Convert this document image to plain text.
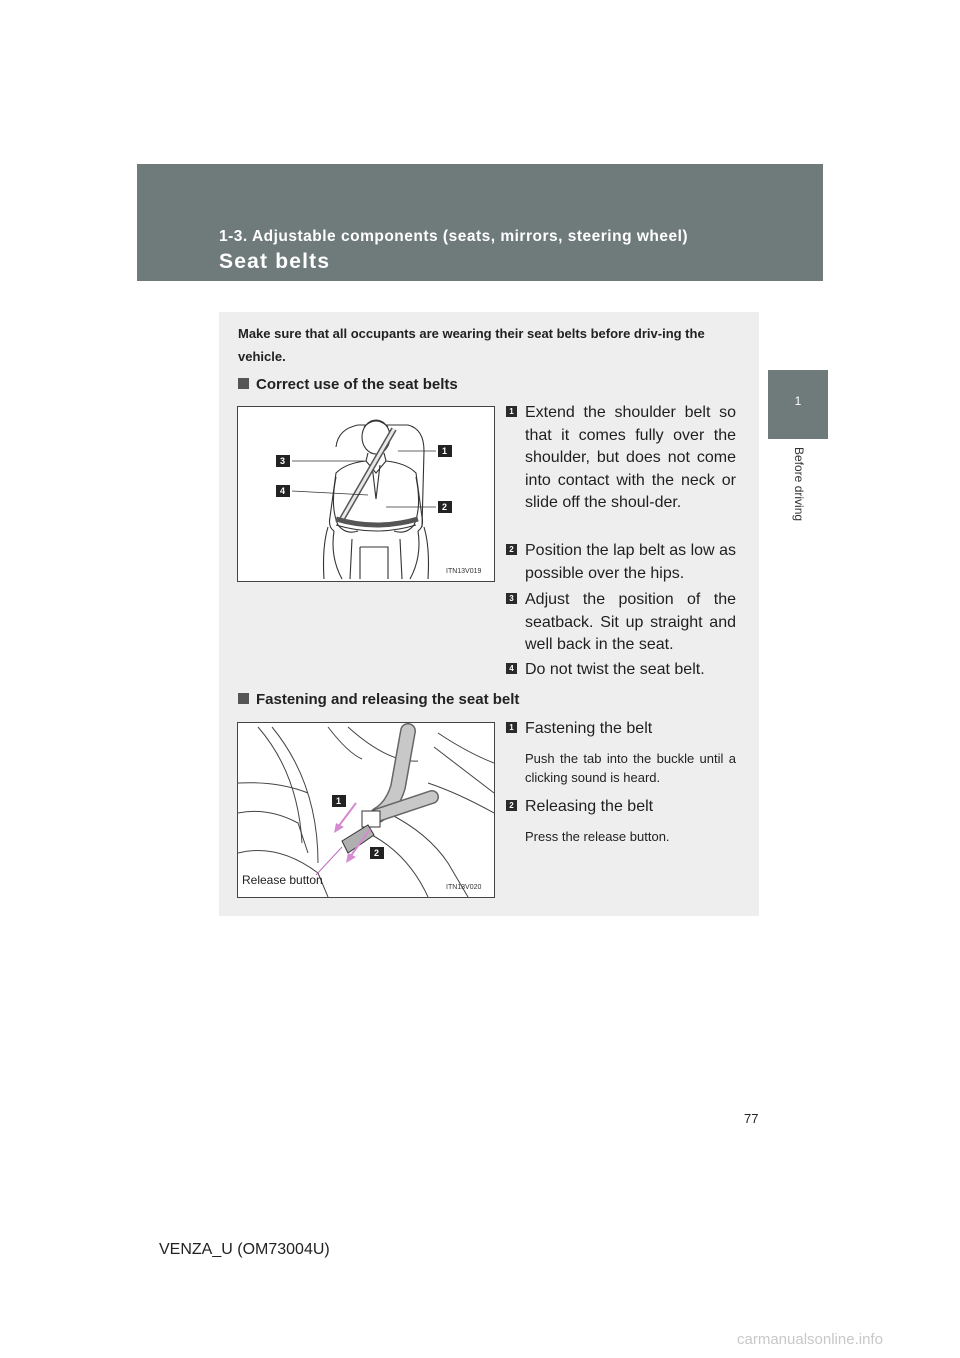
1-3. Adjustable components (seats, mirrors, steering wheel)
Seat belts
1
Before driving
Make sure that all occupants are wearing their seat belts before driv-ing the vehicle.
Correct use of the seat belts
3
4
1
2
ITN13V019
1 Extend the shoulder belt so that it comes fully over the shoulder, but does not come into contact with the neck or slide off the shoul-der.
2 Position the lap belt as low as possible over the hips.
3 Adjust the position of the seatback. Sit up straight and well back in the seat.
4 Do not twist the seat belt.
Fastening and releasing the seat belt
1
2
Release button
ITN13V020
1 Fastening the belt
Push the tab into the buckle until a clicking sound is heard.
2 Releasing the belt
Press the release button.
77
VENZA_U (OM73004U)
carmanualsonline.info
